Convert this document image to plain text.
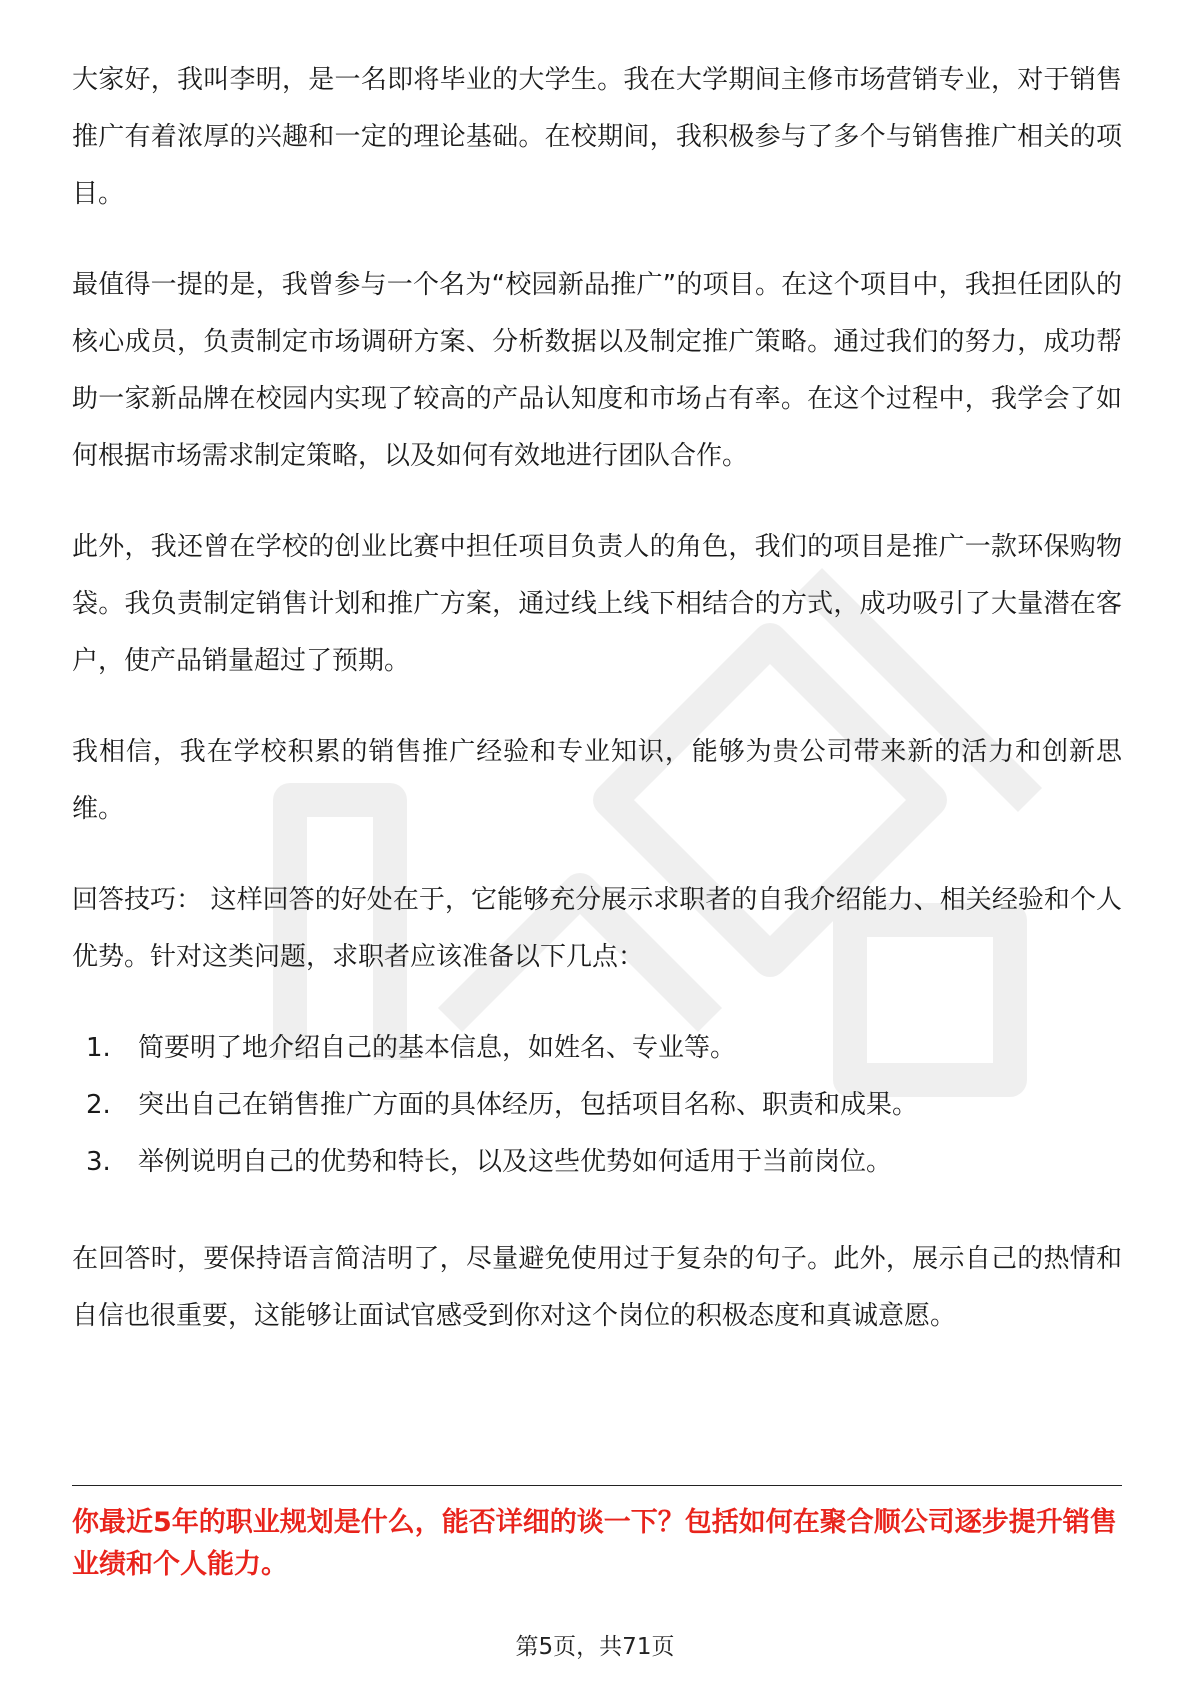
大家好，我叫李明，是一名即将毕业的大学生。我在大学期间主修市场营销专业，对于销售推广有着浓厚的兴趣和一定的理论基础。在校期间，我积极参与了多个与销售推广相关的项目。

最值得一提的是，我曾参与一个名为“校园新品推广”的项目。在这个项目中，我担任团队的核心成员，负责制定市场调研方案、分析数据以及制定推广策略。通过我们的努力，成功帮助一家新品牌在校园内实现了较高的产品认知度和市场占有率。在这个过程中，我学会了如何根据市场需求制定策略，以及如何有效地进行团队合作。

此外，我还曾在学校的创业比赛中担任项目负责人的角色，我们的项目是推广一款环保购物袋。我负责制定销售计划和推广方案，通过线上线下相结合的方式，成功吸引了大量潜在客户，使产品销量超过了预期。

我相信，我在学校积累的销售推广经验和专业知识，能够为贵公司带来新的活力和创新思维。

回答技巧： 这样回答的好处在于，它能够充分展示求职者的自我介绍能力、相关经验和个人优势。针对这类问题，求职者应该准备以下几点：

1.	简要明了地介绍自己的基本信息，如姓名、专业等。
2.	突出自己在销售推广方面的具体经历，包括项目名称、职责和成果。
3.	举例说明自己的优势和特长，以及这些优势如何适用于当前岗位。

在回答时，要保持语言简洁明了，尽量避免使用过于复杂的句子。此外，展示自己的热情和自信也很重要，这能够让面试官感受到你对这个岗位的积极态度和真诚意愿。

你最近5年的职业规划是什么，能否详细的谈一下？包括如何在聚合顺公司逐步提升销售业绩和个人能力。

第5页，共71页
